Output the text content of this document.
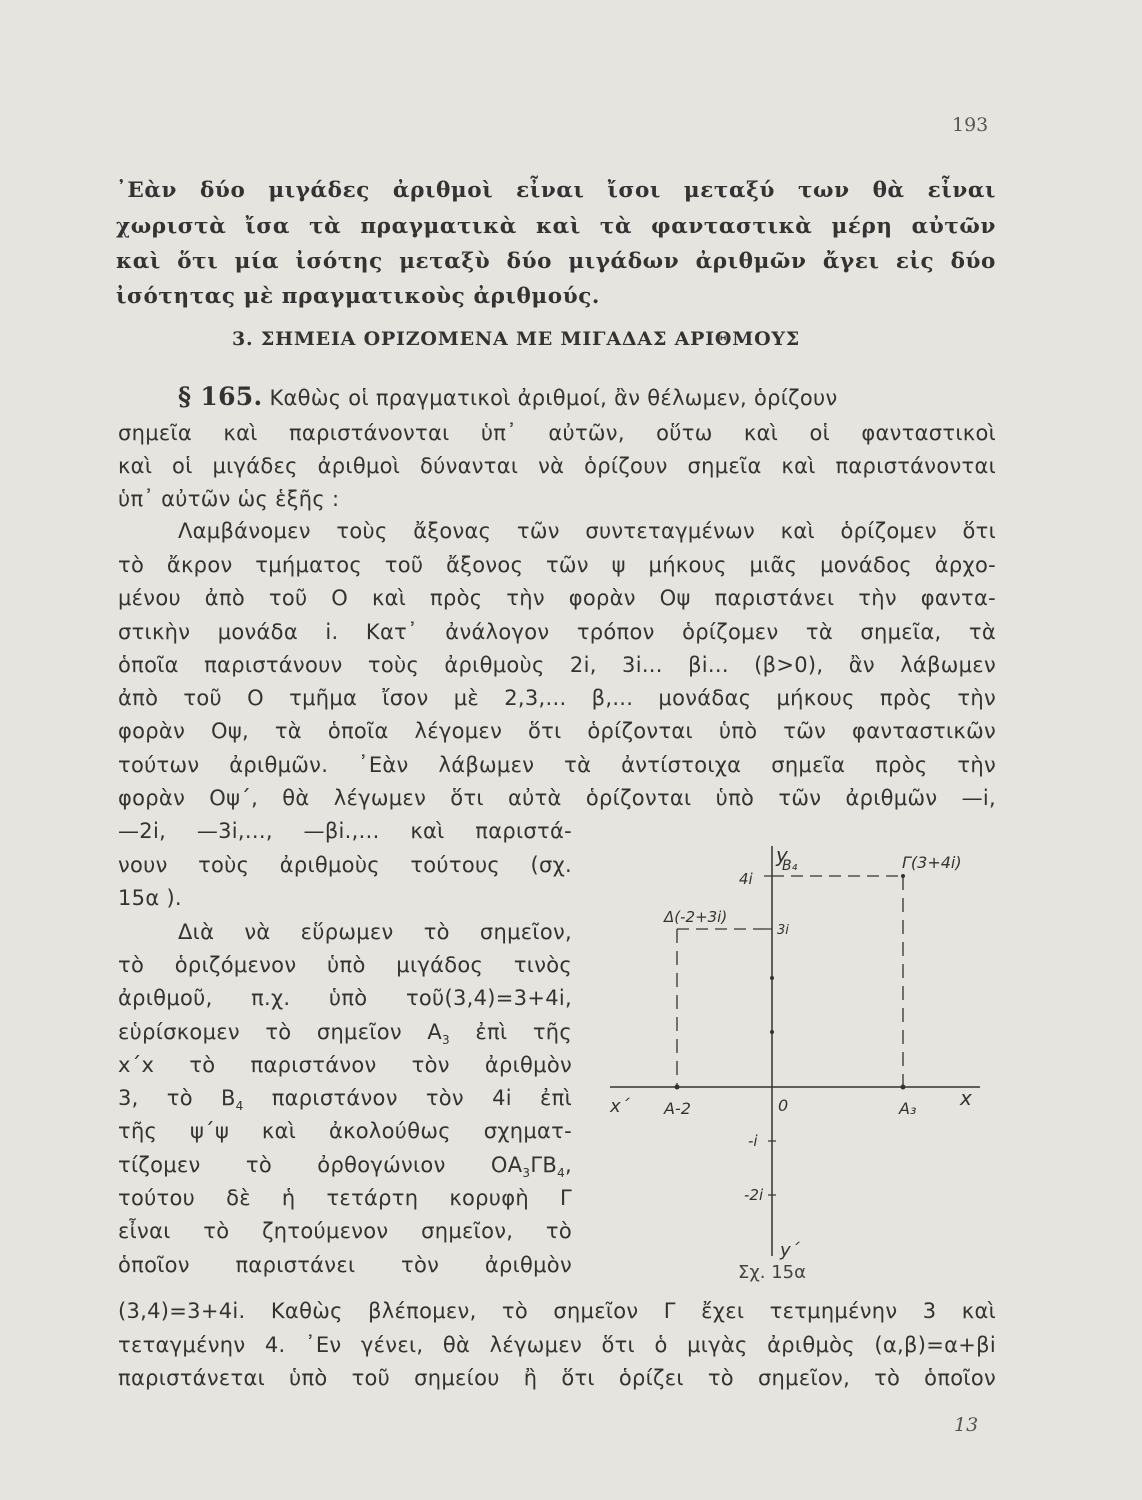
193
᾿Εὰν δύο μιγάδες ἀριθμοὶ εἶναι ἴσοι μεταξύ των θὰ εἶναι
χωριστὰ ἴσα τὰ πραγματικὰ καὶ τὰ φανταστικὰ μέρη αὐτῶν
καὶ ὅτι μία ἰσότης μεταξὺ δύο μιγάδων ἀριθμῶν ἄγει εἰς δύο
ἰσότητας μὲ πραγματικοὺς ἀριθμούς.
3. ΣΗΜΕΙΑ ΟΡΙΖΟΜΕΝΑ ΜΕ ΜΙΓΑΔΑΣ ΑΡΙΘΜΟΥΣ
§ 165. Καθὼς οἱ πραγματικοὶ ἀριθμοί, ἂν θέλωμεν, ὁρίζουν
σημεῖα καὶ παριστάνονται ὑπ᾿ αὐτῶν, οὕτω καὶ οἱ φανταστικοὶ
καὶ οἱ μιγάδες ἀριθμοὶ δύνανται νὰ ὁρίζουν σημεῖα καὶ παριστάνονται
ὑπ᾿ αὐτῶν ὡς ἑξῆς :
Λαμβάνομεν τοὺς ἄξονας τῶν συντεταγμένων καὶ ὁρίζομεν ὅτι
τὸ ἄκρον τμήματος τοῦ ἄξονος τῶν ψ μήκους μιᾶς μονάδος ἀρχο-
μένου ἀπὸ τοῦ Ο καὶ πρὸς τὴν φορὰν Οψ παριστάνει τὴν φαντα-
στικὴν μονάδα i. Κατ᾿ ἀνάλογον τρόπον ὁρίζομεν τὰ σημεῖα, τὰ
ὁποῖα παριστάνουν τοὺς ἀριθμοὺς 2i, 3i... βi... (β>0), ἂν λάβωμεν
ἀπὸ τοῦ Ο τμῆμα ἴσον μὲ 2,3,... β,... μονάδας μήκους πρὸς τὴν
φορὰν Οψ, τὰ ὁποῖα λέγομεν ὅτι ὁρίζονται ὑπὸ τῶν φανταστικῶν
τούτων ἀριθμῶν. ᾿Εὰν λάβωμεν τὰ ἀντίστοιχα σημεῖα πρὸς τὴν
φορὰν Οψ΄, θὰ λέγωμεν ὅτι αὐτὰ ὁρίζονται ὑπὸ τῶν ἀριθμῶν —i,
—2i, —3i,..., —βi.,... καὶ παριστά-
νουν τοὺς ἀριθμοὺς τούτους (σχ.
15α ).
Διὰ νὰ εὕρωμεν τὸ σημεῖον,
τὸ ὁριζόμενον ὑπὸ μιγάδος τινὸς
ἀριθμοῦ, π.χ. ὑπὸ τοῦ(3,4)=3+4i,
εὑρίσκομεν τὸ σημεῖον $A_3$ ἐπὶ τῆς
x΄x τὸ παριστάνον τὸν ἀριθμὸν
3, τὸ $B_4$ παριστάνον τὸν 4i ἐπὶ
τῆς ψ΄ψ καὶ ἀκολούθως σχηματ-
τίζομεν τὸ ὀρθογώνιον $OA_3\Gamma B_4$,
τούτου δὲ ἡ τετάρτη κορυφὴ Γ
εἶναι τὸ ζητούμενον σημεῖον, τὸ
ὁποῖον παριστάνει τὸν ἀριθμὸν
(3,4)=3+4i. Καθὼς βλέπομεν, τὸ σημεῖον Γ ἔχει τετμημένην 3 καὶ
τεταγμένην 4. ᾿Εν γένει, θὰ λέγωμεν ὅτι ὁ μιγὰς ἀριθμὸς (α,β)=α+βi
παριστάνεται ὑπὸ τοῦ σημείου ἢ ὅτι ὁρίζει τὸ σημεῖον, τὸ ὁποῖον
y
B₄
4i
Γ(3+4i)
Δ(-2+3i)
3i
x΄ A-2	0	A₃ x
-i
-2i
y΄
Σχ. 15α
13
